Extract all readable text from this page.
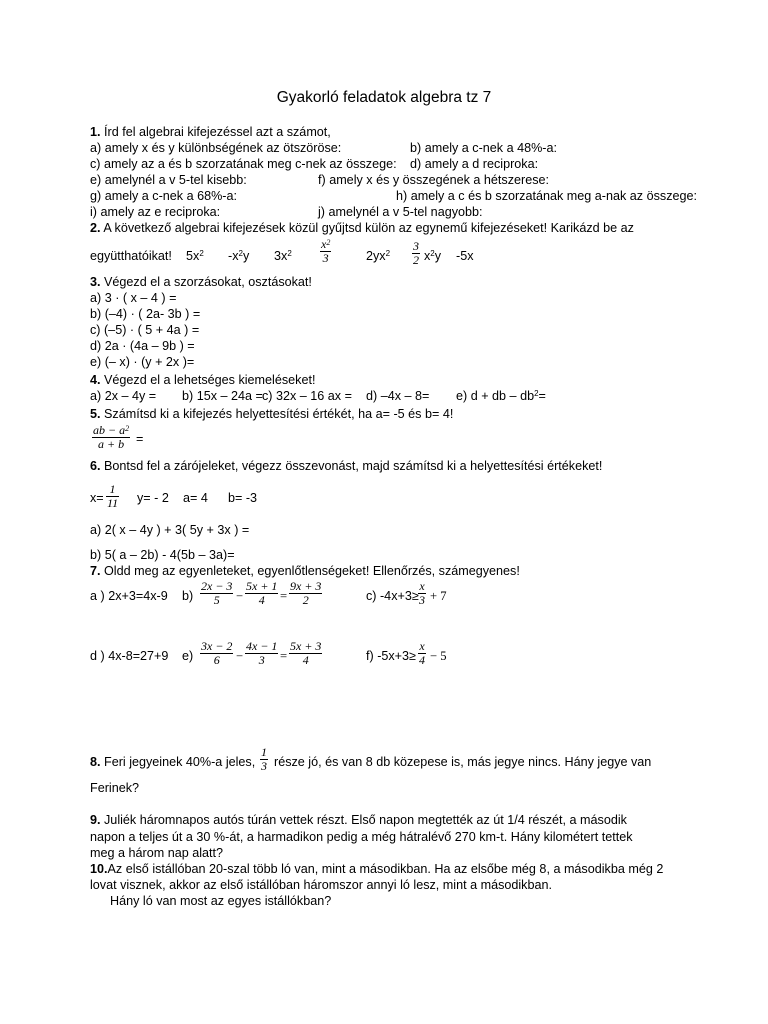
Gyakorló feladatok algebra tz 7
1. Írd fel algebrai kifejezéssel azt a számot,
a) amely x és y különbségének az ötszöröse:	b) amely a c-nek a 48%-a:
c) amely az a és b szorzatának meg c-nek az összege: d) amely a d reciproka:
e) amelynél a v 5-tel kisebb:	f) amely x és y összegének a hétszerese:
g) amely a c-nek a 68%-a:	h) amely a c és b szorzatának meg a-nak az összege:
i) amely az e reciproka:	j) amelynél a v 5-tel nagyobb:
2. A következő algebrai kifejezések közül gyűjtsd külön az egynemű kifejezéseket! Karikázd be az
együtthatóikat! $5x^2$ $-x^2y$ $3x^2 \frac{x^2}{3}$	$2yx^2 \frac{3}{2} x^2y$ -5x
3. Végezd el a szorzásokat, osztásokat!
a) 3 · ( x – 4 ) =
b) (–4) · ( 2a- 3b ) =
c) (–5) · ( 5 + 4a ) =
d) 2a · (4a – 9b ) =
e) (– x) · (y + 2x )=
4. Végezd el a lehetséges kiemeléseket!
a) 2x – 4y = b) 15x – 24a = c) 32x – 16 ax = d) –4x – 8= e) d + db – $db^2=$
5. Számítsd ki a kifejezés helyettesítési értékét, ha a= -5 és b= 4!
$\frac{ab - a^2}{a + b}$ =
6. Bontsd fel a zárójeleket, végezz összevonást, majd számítsd ki a helyettesítési értékeket!
$x= \frac{1}{11} y= - 2$ a= 4 b= -3
a) 2( x – 4y ) + 3( 5y + 3x ) =
b) 5( a – 2b) - 4(5b – 3a)=
7. Oldd meg az egyenleteket, egyenlőtlenségeket! Ellenőrzés, számegyenes!
a ) 2x+3=4x-9 $b) \frac{2x - 3}{5} - \frac{5x + 1}{4} = \frac{9x + 3}{2}$	c) $-4x+3\ge \frac{x}{3} + 7$
d ) 4x-8=27+9 $e) \frac{3x - 2}{6} - \frac{4x - 1}{3} = \frac{5x + 3}{4}$	f) $-5x+3\ge \frac{x}{4} - 5$
8. Feri jegyeinek 40%-a jeles, $\frac{1}{3}$ része jó, és van 8 db közepese is, más jegye nincs. Hány jegye van
Ferinek?
9. Juliék háromnapos autós túrán vettek részt. Első napon megtették az út 1/4 részét, a második
napon a teljes út a 30 %-át, a harmadikon pedig a még hátralévő 270 km-t. Hány kilométert tettek
meg a három nap alatt?
10.Az első istállóban 20-szal több ló van, mint a másodikban. Ha az elsőbe még 8, a másodikba még 2
lovat visznek, akkor az első istállóban háromszor annyi ló lesz, mint a másodikban.
Hány ló van most az egyes istállókban?
